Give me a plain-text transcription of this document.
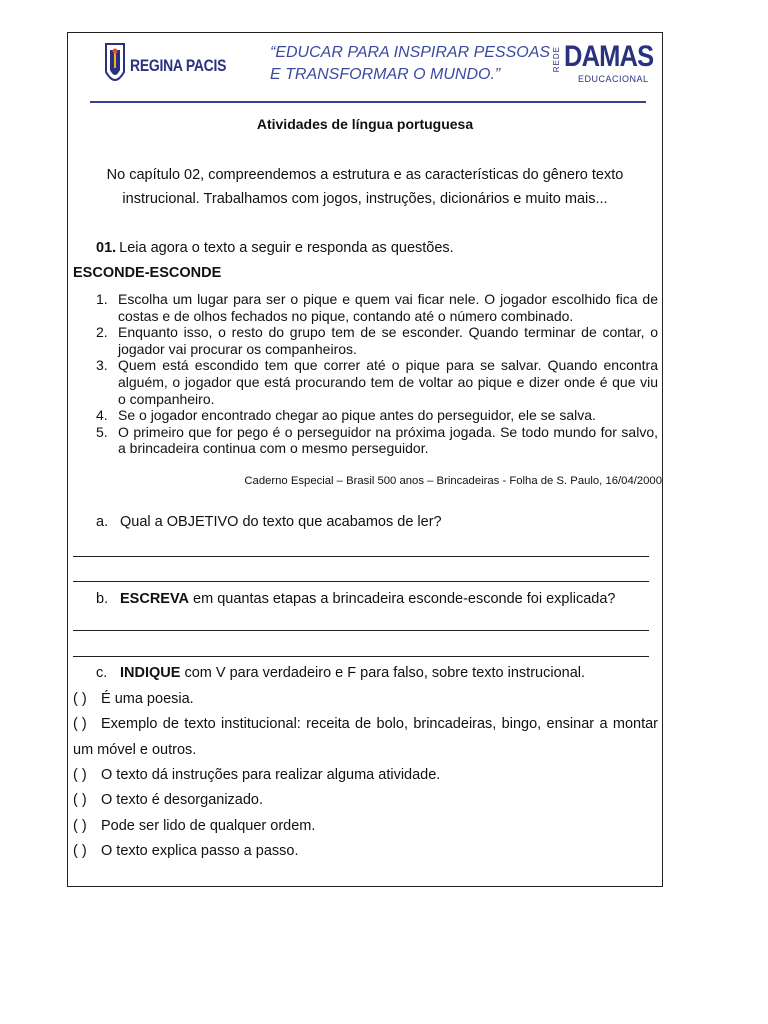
REGINA PACIS
“EDUCAR PARA INSPIRAR PESSOAS
E TRANSFORMAR O MUNDO.”
REDE DAMAS
EDUCACIONAL
Atividades de língua portuguesa
No capítulo 02, compreendemos a estrutura e as características do gênero texto instrucional. Trabalhamos com jogos, instruções, dicionários e muito mais...
01. Leia agora o texto a seguir e responda as questões.
ESCONDE-ESCONDE
1. Escolha um lugar para ser o pique e quem vai ficar nele. O jogador escolhido fica de costas e de olhos fechados no pique, contando até o número combinado.
2. Enquanto isso, o resto do grupo tem de se esconder. Quando terminar de contar, o jogador vai procurar os companheiros.
3. Quem está escondido tem que correr até o pique para se salvar. Quando encontra alguém, o jogador que está procurando tem de voltar ao pique e dizer onde é que viu o companheiro.
4. Se o jogador encontrado chegar ao pique antes do perseguidor, ele se salva.
5. O primeiro que for pego é o perseguidor na próxima jogada. Se todo mundo for salvo, a brincadeira continua com o mesmo perseguidor.
Caderno Especial – Brasil 500 anos – Brincadeiras - Folha de S. Paulo, 16/04/2000
a. Qual a OBJETIVO do texto que acabamos de ler?
b. ESCREVA em quantas etapas a brincadeira esconde-esconde foi explicada?
c. INDIQUE com V para verdadeiro e F para falso, sobre texto instrucional.
( ) É uma poesia.
( ) Exemplo de texto institucional: receita de bolo, brincadeiras, bingo, ensinar a montar um móvel e outros.
( ) O texto dá instruções para realizar alguma atividade.
( ) O texto é desorganizado.
( ) Pode ser lido de qualquer ordem.
( ) O texto explica passo a passo.
